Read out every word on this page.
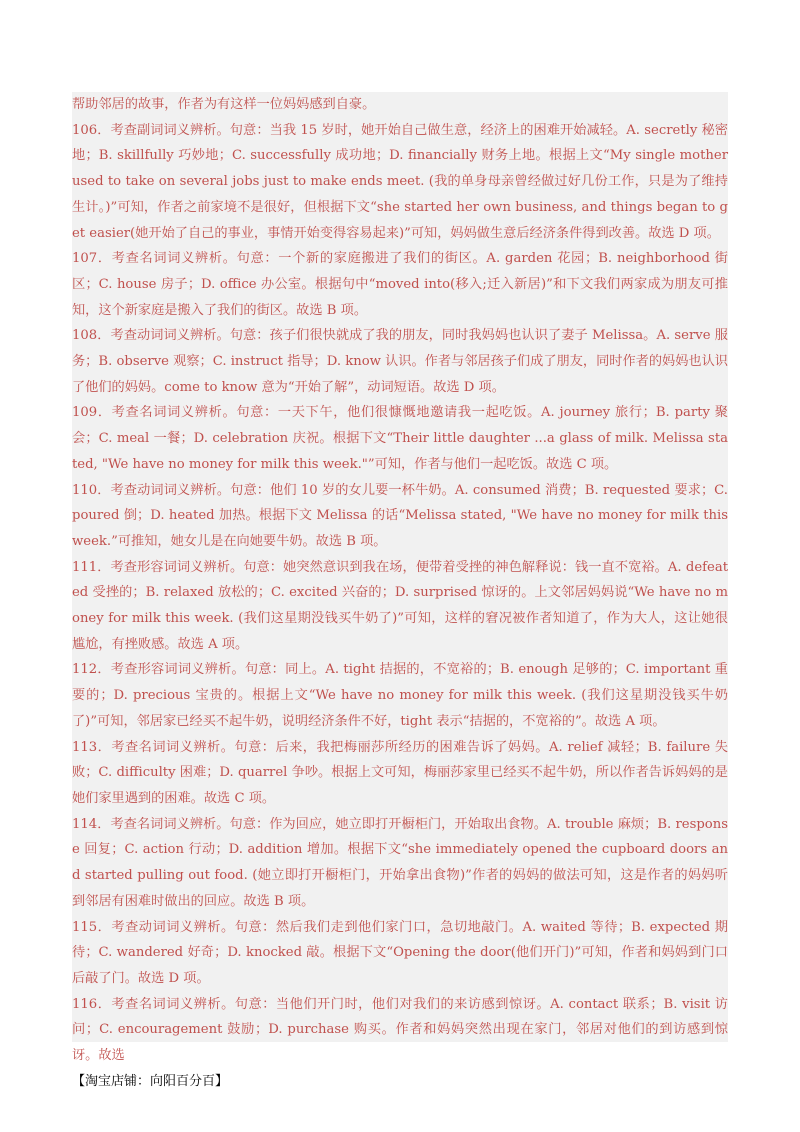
帮助邻居的故事，作者为有这样一位妈妈感到自豪。

106．考查副词词义辨析。句意：当我 15 岁时，她开始自己做生意，经济上的困难开始减轻。A. secretly 秘密地；B. skillfully 巧妙地；C. successfully 成功地；D. financially 财务上地。根据上文“My single mother used to take on several jobs just to make ends meet. (我的单身母亲曾经做过好几份工作，只是为了维持生计。)”可知，作者之前家境不是很好，但根据下文“she started her own business, and things began to get easier(她开始了自己的事业，事情开始变得容易起来)”可知，妈妈做生意后经济条件得到改善。故选 D 项。

107．考查名词词义辨析。句意：一个新的家庭搬进了我们的街区。A. garden 花园；B. neighborhood 街区；C. house 房子；D. office 办公室。根据句中“moved into(移入;迁入新居)”和下文我们两家成为朋友可推知，这个新家庭是搬入了我们的街区。故选 B 项。

108．考查动词词义辨析。句意：孩子们很快就成了我的朋友，同时我妈妈也认识了妻子 Melissa。A. serve 服务；B. observe 观察；C. instruct 指导；D. know 认识。作者与邻居孩子们成了朋友，同时作者的妈妈也认识了他们的妈妈。come to know 意为“开始了解”，动词短语。故选 D 项。

109．考查名词词义辨析。句意：一天下午，他们很慷慨地邀请我一起吃饭。A. journey 旅行；B. party 聚会；C. meal 一餐；D. celebration 庆祝。根据下文“Their little daughter ...a glass of milk. Melissa stated, "We have no money for milk this week."”可知，作者与他们一起吃饭。故选 C 项。

110．考查动词词义辨析。句意：他们 10 岁的女儿要一杯牛奶。A. consumed 消费；B. requested 要求；C. poured 倒；D. heated 加热。根据下文 Melissa 的话“Melissa stated, "We have no money for milk this week.”可推知，她女儿是在向她要牛奶。故选 B 项。

111．考查形容词词义辨析。句意：她突然意识到我在场，便带着受挫的神色解释说：钱一直不宽裕。A. defeated 受挫的；B. relaxed 放松的；C. excited 兴奋的；D. surprised 惊讶的。上文邻居妈妈说“We have no money for milk this week. (我们这星期没钱买牛奶了)”可知，这样的窘况被作者知道了，作为大人，这让她很尴尬，有挫败感。故选 A 项。

112．考查形容词词义辨析。句意：同上。A. tight 拮据的，不宽裕的；B. enough 足够的；C. important 重要的；D. precious 宝贵的。根据上文“We have no money for milk this week. (我们这星期没钱买牛奶了)”可知，邻居家已经买不起牛奶，说明经济条件不好，tight 表示“拮据的，不宽裕的”。故选 A 项。

113．考查名词词义辨析。句意：后来，我把梅丽莎所经历的困难告诉了妈妈。A. relief 减轻；B. failure 失败；C. difficulty 困难；D. quarrel 争吵。根据上文可知，梅丽莎家里已经买不起牛奶，所以作者告诉妈妈的是她们家里遇到的困难。故选 C 项。

114．考查名词词义辨析。句意：作为回应，她立即打开橱柜门，开始取出食物。A. trouble 麻烦；B. response 回复；C. action 行动；D. addition 增加。根据下文“she immediately opened the cupboard doors and started pulling out food. (她立即打开橱柜门，开始拿出食物)”作者的妈妈的做法可知，这是作者的妈妈听到邻居有困难时做出的回应。故选 B 项。

115．考查动词词义辨析。句意：然后我们走到他们家门口，急切地敲门。A. waited 等待；B. expected 期待；C. wandered 好奇；D. knocked 敲。根据下文“Opening the door(他们开门)”可知，作者和妈妈到门口后敲了门。故选 D 项。

116．考查名词词义辨析。句意：当他们开门时，他们对我们的来访感到惊讶。A. contact 联系；B. visit 访问；C. encouragement 鼓励；D. purchase 购买。作者和妈妈突然出现在家门，邻居对他们的到访感到惊讶。故选

【淘宝店铺：向阳百分百】
